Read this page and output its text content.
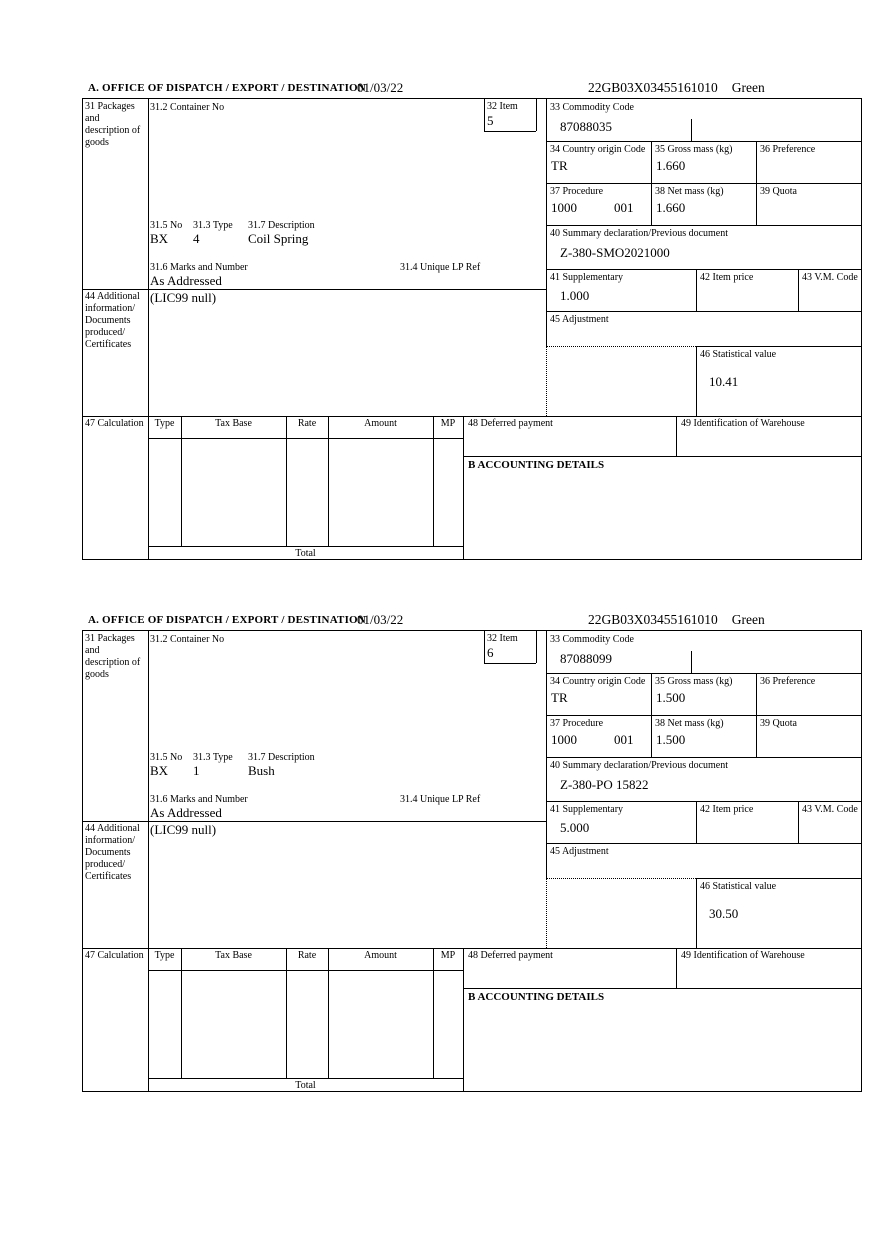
A. OFFICE OF DISPATCH / EXPORT / DESTINATION
01/03/22	22GB03X03455161010 Green
31 Packages and description of goods
31.2 Container No	32 Item
5
33 Commodity Code
87088035
34 Country origin Code
TR
35 Gross mass (kg)
1.660
36 Preference
37 Procedure
1000	001
38 Net mass (kg)
1.660
39 Quota
40 Summary declaration/Previous document
Z-380-SMO2021000
41 Supplementary
1.000
42 Item price	43 V.M. Code
45 Adjustment
46 Statistical value
10.41
31.5 No 31.3 Type 31.7 Description
BX 4	Coil Spring
31.6 Marks and Number	31.4 Unique LP Ref
As Addressed
44 Additional information/ Documents produced/ Certificates
(LIC99 null)
47 Calculation	Type	Tax Base	Rate	Amount	MP
Total
48 Deferred payment	49 Identification of Warehouse
B ACCOUNTING DETAILS
A. OFFICE OF DISPATCH / EXPORT / DESTINATION
01/03/22	22GB03X03455161010 Green
31 Packages and description of goods
31.2 Container No	32 Item
6
33 Commodity Code
87088099
34 Country origin Code
TR
35 Gross mass (kg)
1.500
36 Preference
37 Procedure
1000	001
38 Net mass (kg)
1.500
39 Quota
40 Summary declaration/Previous document
Z-380-PO 15822
41 Supplementary
5.000
42 Item price	43 V.M. Code
45 Adjustment
46 Statistical value
30.50
31.5 No 31.3 Type 31.7 Description
BX 1	Bush
31.6 Marks and Number	31.4 Unique LP Ref
As Addressed
44 Additional information/ Documents produced/ Certificates
(LIC99 null)
47 Calculation	Type	Tax Base	Rate	Amount	MP
Total
48 Deferred payment	49 Identification of Warehouse
B ACCOUNTING DETAILS
